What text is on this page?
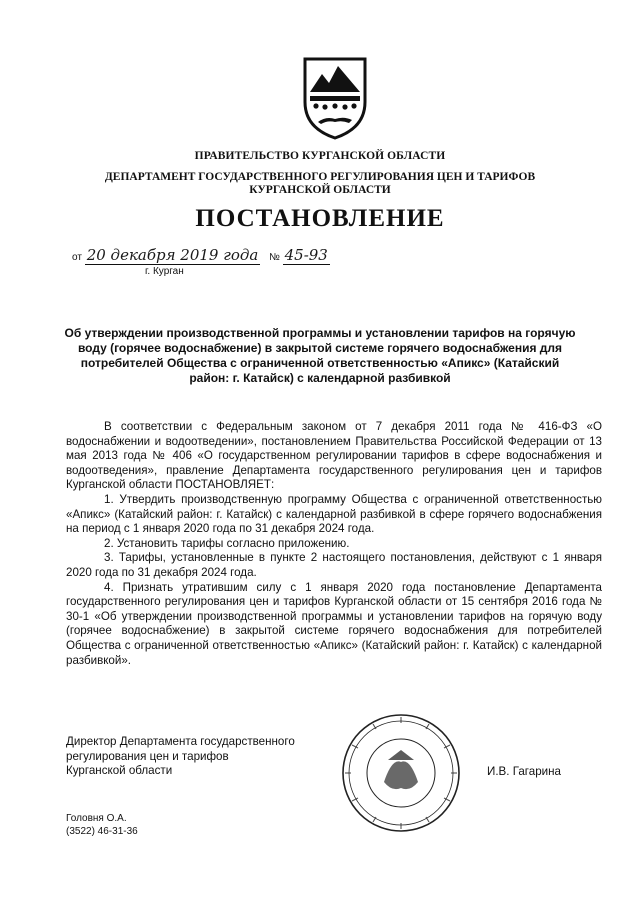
ПРАВИТЕЛЬСТВО КУРГАНСКОЙ ОБЛАСТИ
ДЕПАРТАМЕНТ ГОСУДАРСТВЕННОГО РЕГУЛИРОВАНИЯ ЦЕН И ТАРИФОВ
КУРГАНСКОЙ ОБЛАСТИ
ПОСТАНОВЛЕНИЕ
от 20 декабря 2019 года № 45-93
г. Курган
Об утверждении производственной программы и установлении тарифов на горячую воду (горячее водоснабжение) в закрытой системе горячего водоснабжения для потребителей Общества с ограниченной ответственностью «Апикс» (Катайский район: г. Катайск) с календарной разбивкой

В соответствии с Федеральным законом от 7 декабря 2011 года № 416-ФЗ «О водоснабжении и водоотведении», постановлением Правительства Российской Федерации от 13 мая 2013 года № 406 «О государственном регулировании тарифов в сфере водоснабжения и водоотведения», правление Департамента государственного регулирования цен и тарифов Курганской области ПОСТАНОВЛЯЕТ:

1. Утвердить производственную программу Общества с ограниченной ответственностью «Апикс» (Катайский район: г. Катайск) с календарной разбивкой в сфере горячего водоснабжения на период с 1 января 2020 года по 31 декабря 2024 года.

2. Установить тарифы согласно приложению.

3. Тарифы, установленные в пункте 2 настоящего постановления, действуют с 1 января 2020 года по 31 декабря 2024 года.

4. Признать утратившим силу с 1 января 2020 года постановление Департамента государственного регулирования цен и тарифов Курганской области от 15 сентября 2016 года № 30-1 «Об утверждении производственной программы и установлении тарифов на горячую воду (горячее водоснабжение) в закрытой системе горячего водоснабжения для потребителей Общества с ограниченной ответственностью «Апикс» (Катайский район: г. Катайск) с календарной разбивкой».

Директор Департамента государственного
регулирования цен и тарифов
Курганской области	И.В. Гагарина
Головня О.А.
(3522) 46-31-36
